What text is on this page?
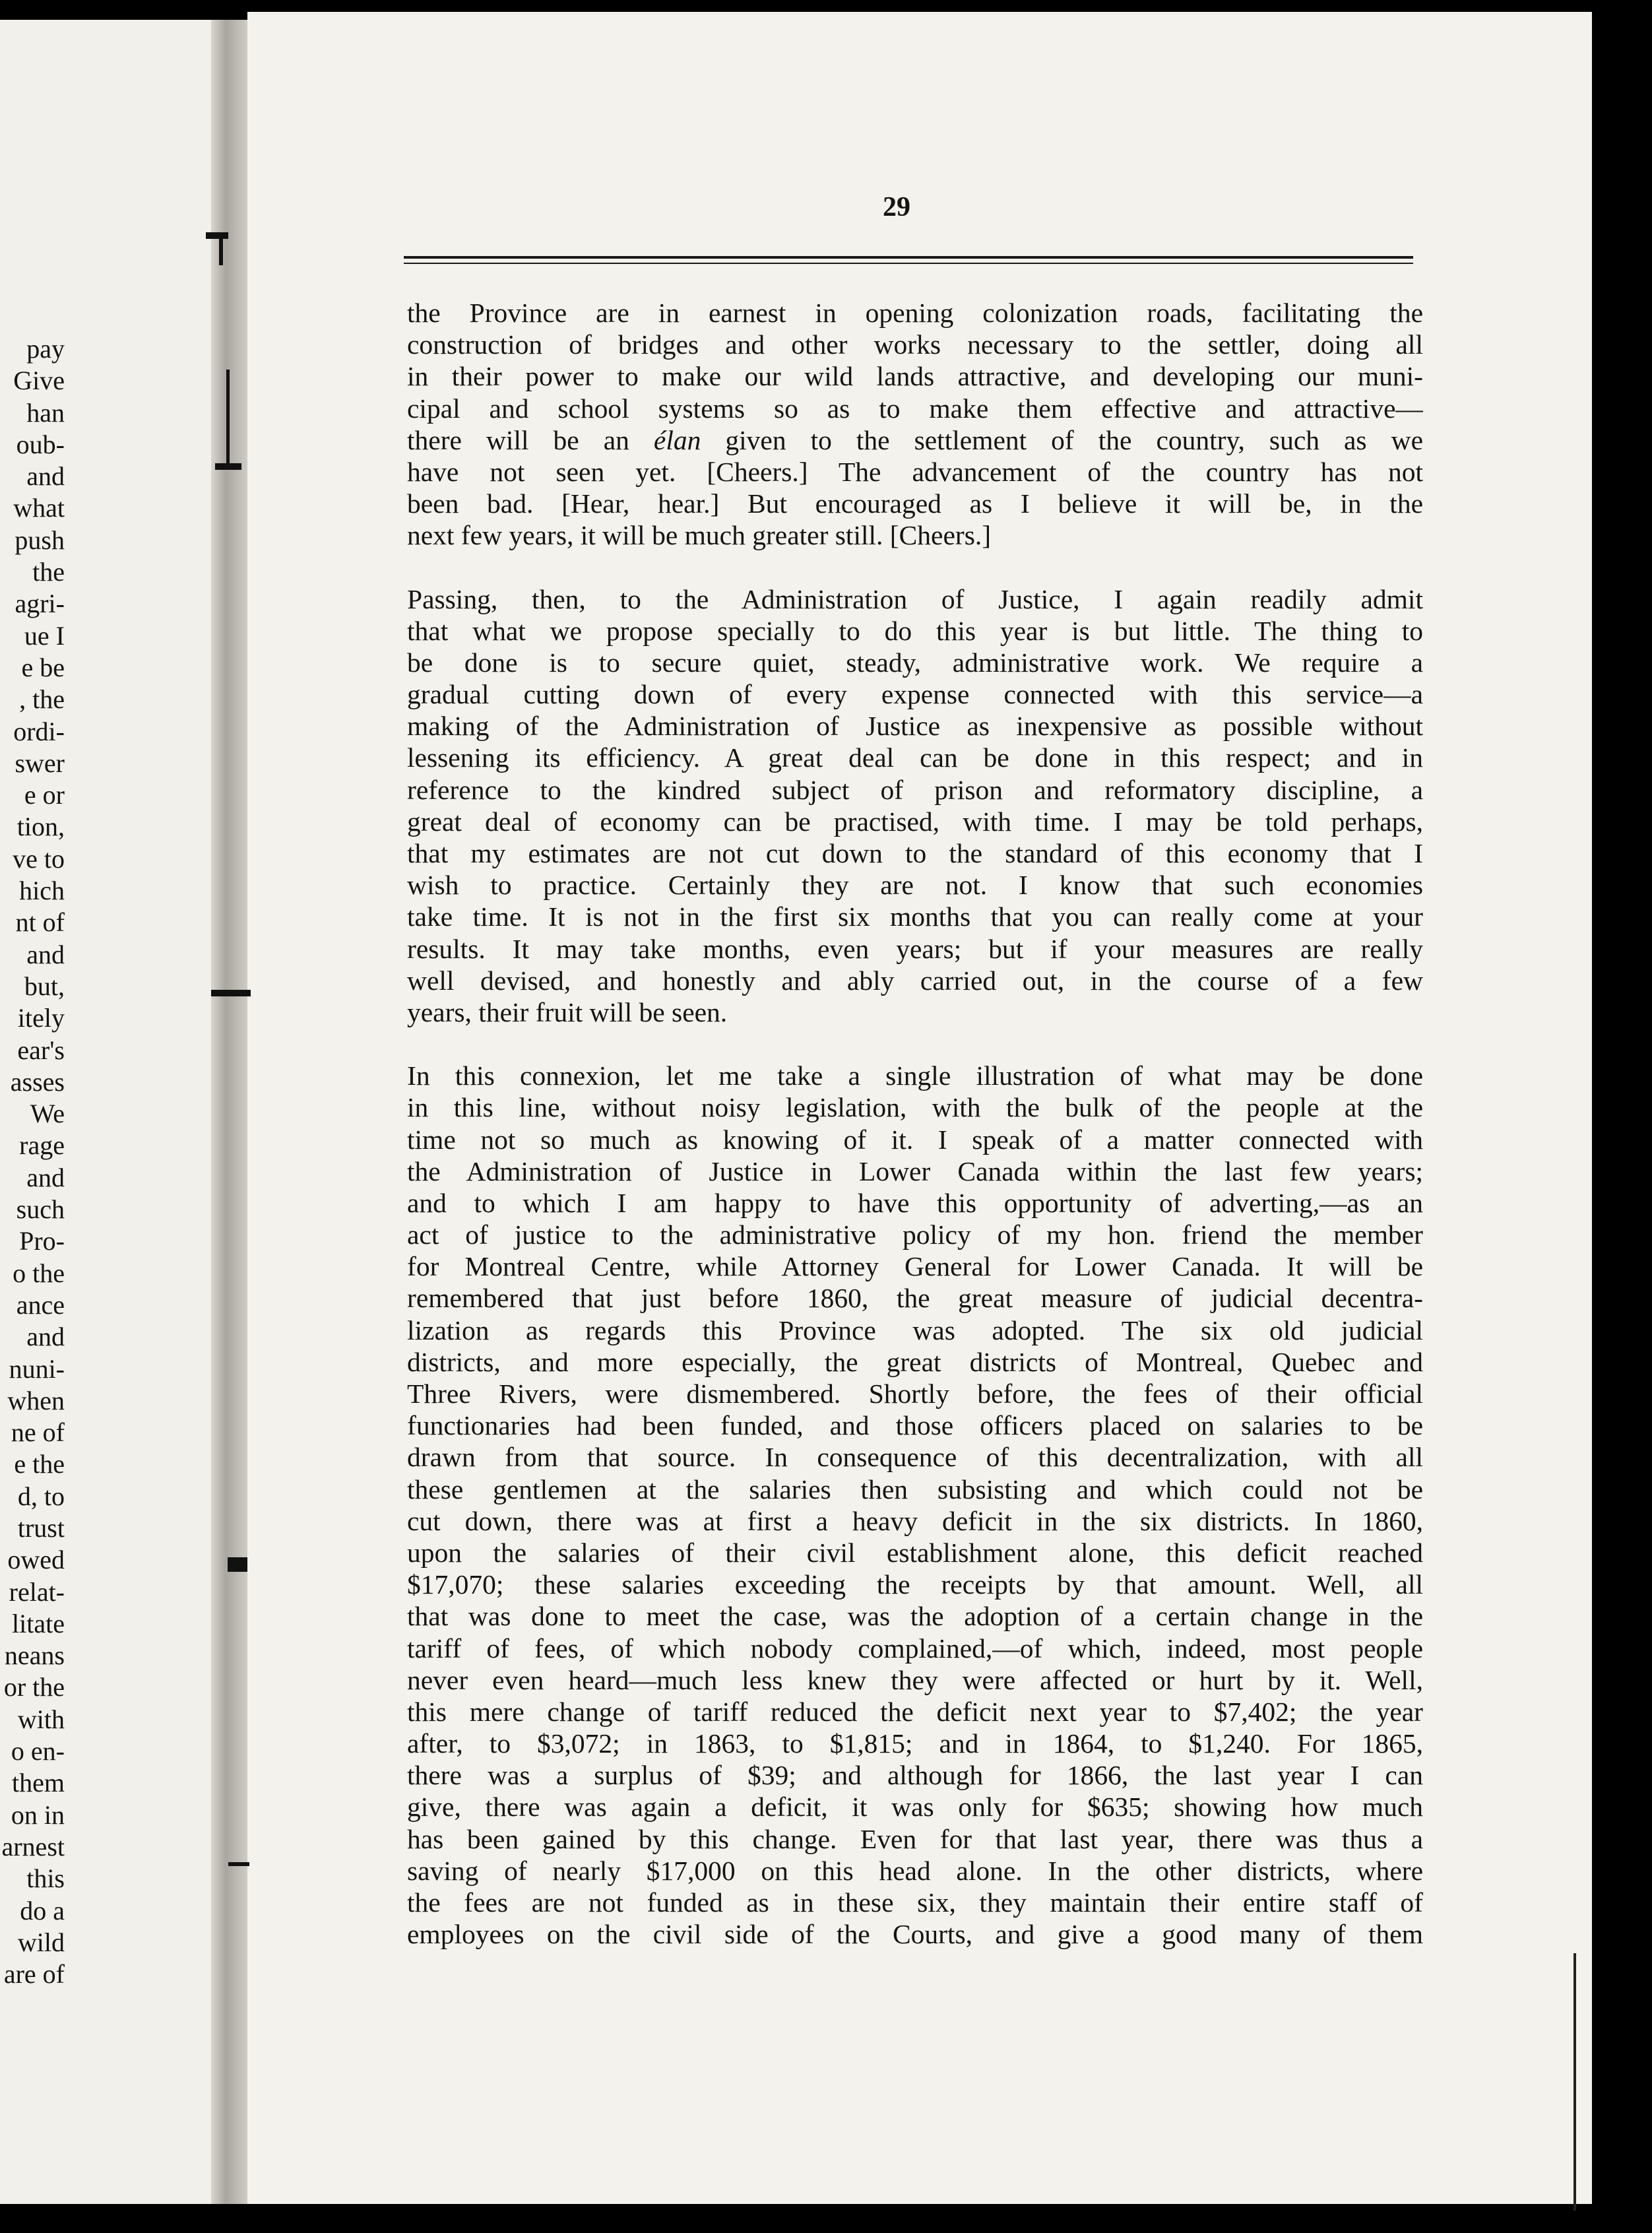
pay
Give
han
oub-
and
what
push
the
agri-
ue I
e be
, the
ordi-
swer
e or
tion,
ve to
hich
nt of
and
but,
itely
ear's
asses
We
rage
and
such
Pro-
o the
ance
and
nuni-
when
ne of
e the
d, to
trust
owed
relat-
litate
neans
or the
with
o en-
them
on in
arnest
this
do a
wild
are of
29
the Province are in earnest in opening colonization roads, facilitating the
construction of bridges and other works necessary to the settler, doing all
in their power to make our wild lands attractive, and developing our muni-
cipal and school systems so as to make them effective and attractive—
there will be an élan given to the settlement of the country, such as we
have not seen yet. [Cheers.] The advancement of the country has not
been bad. [Hear, hear.] But encouraged as I believe it will be, in the
next few years, it will be much greater still. [Cheers.]
Passing, then, to the Administration of Justice, I again readily admit
that what we propose specially to do this year is but little. The thing to
be done is to secure quiet, steady, administrative work. We require a
gradual cutting down of every expense connected with this service—a
making of the Administration of Justice as inexpensive as possible without
lessening its efficiency. A great deal can be done in this respect; and in
reference to the kindred subject of prison and reformatory discipline, a
great deal of economy can be practised, with time. I may be told perhaps,
that my estimates are not cut down to the standard of this economy that I
wish to practice. Certainly they are not. I know that such economies
take time. It is not in the first six months that you can really come at your
results. It may take months, even years; but if your measures are really
well devised, and honestly and ably carried out, in the course of a few
years, their fruit will be seen.
In this connexion, let me take a single illustration of what may be done
in this line, without noisy legislation, with the bulk of the people at the
time not so much as knowing of it. I speak of a matter connected with
the Administration of Justice in Lower Canada within the last few years;
and to which I am happy to have this opportunity of adverting,—as an
act of justice to the administrative policy of my hon. friend the member
for Montreal Centre, while Attorney General for Lower Canada. It will be
remembered that just before 1860, the great measure of judicial decentra-
lization as regards this Province was adopted. The six old judicial
districts, and more especially, the great districts of Montreal, Quebec and
Three Rivers, were dismembered. Shortly before, the fees of their official
functionaries had been funded, and those officers placed on salaries to be
drawn from that source. In consequence of this decentralization, with all
these gentlemen at the salaries then subsisting and which could not be
cut down, there was at first a heavy deficit in the six districts. In 1860,
upon the salaries of their civil establishment alone, this deficit reached
$17,070; these salaries exceeding the receipts by that amount. Well, all
that was done to meet the case, was the adoption of a certain change in the
tariff of fees, of which nobody complained,—of which, indeed, most people
never even heard—much less knew they were affected or hurt by it. Well,
this mere change of tariff reduced the deficit next year to $7,402; the year
after, to $3,072; in 1863, to $1,815; and in 1864, to $1,240. For 1865,
there was a surplus of $39; and although for 1866, the last year I can
give, there was again a deficit, it was only for $635; showing how much
has been gained by this change. Even for that last year, there was thus a
saving of nearly $17,000 on this head alone. In the other districts, where
the fees are not funded as in these six, they maintain their entire staff of
employees on the civil side of the Courts, and give a good many of them
